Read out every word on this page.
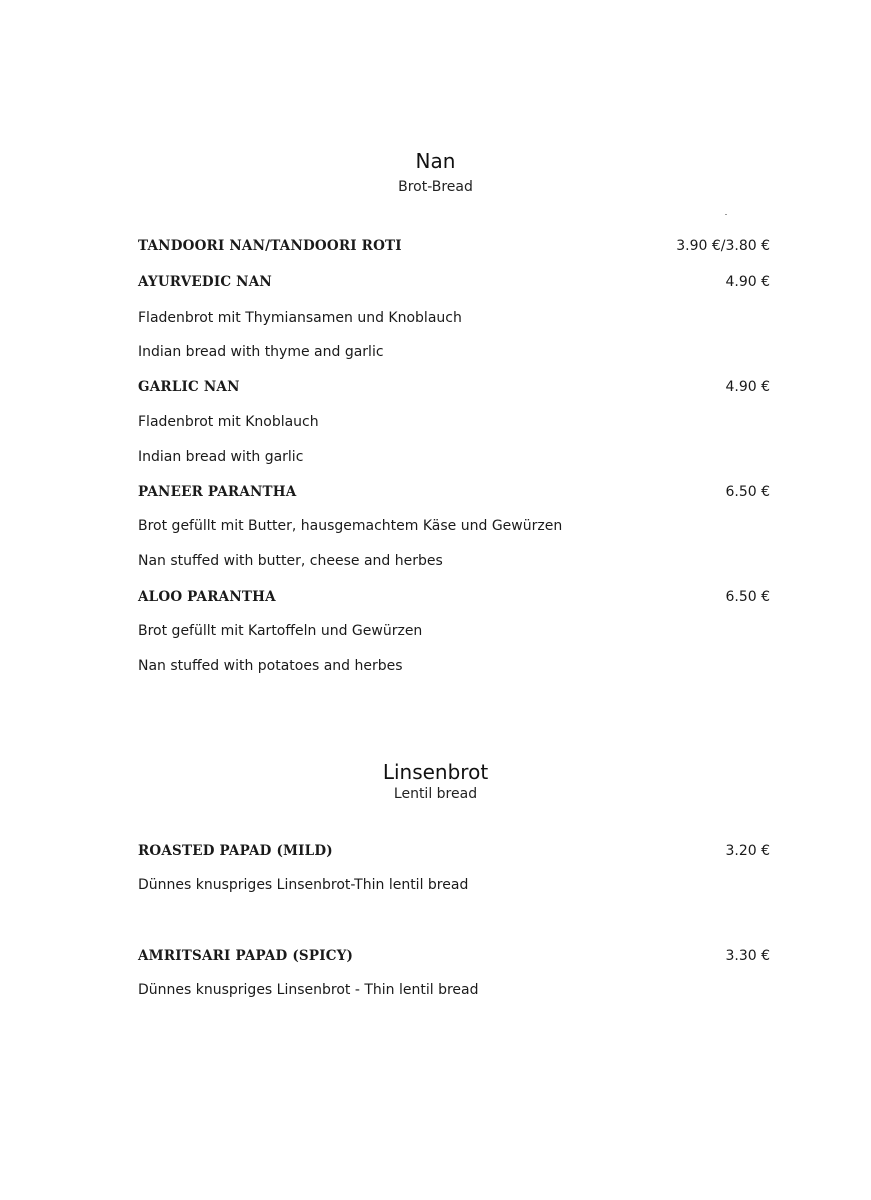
Nan
Brot-Bread
TANDOORI NAN/TANDOORI ROTI	3.90 €/3.80 €
AYURVEDIC NAN	4.90 €
Fladenbrot mit Thymiansamen und Knoblauch
Indian bread with thyme and garlic
GARLIC NAN	4.90 €
Fladenbrot mit Knoblauch
Indian bread with garlic
PANEER PARANTHA	6.50 €
Brot gefüllt mit Butter, hausgemachtem Käse und Gewürzen
Nan stuffed with butter, cheese and herbes
ALOO PARANTHA	6.50 €
Brot gefüllt mit Kartoffeln und Gewürzen
Nan stuffed with potatoes and herbes
Linsenbrot
Lentil bread
ROASTED PAPAD (MILD)	3.20 €
Dünnes knuspriges Linsenbrot-Thin lentil bread
AMRITSARI PAPAD (SPICY)	3.30 €
Dünnes knuspriges Linsenbrot - Thin lentil bread
